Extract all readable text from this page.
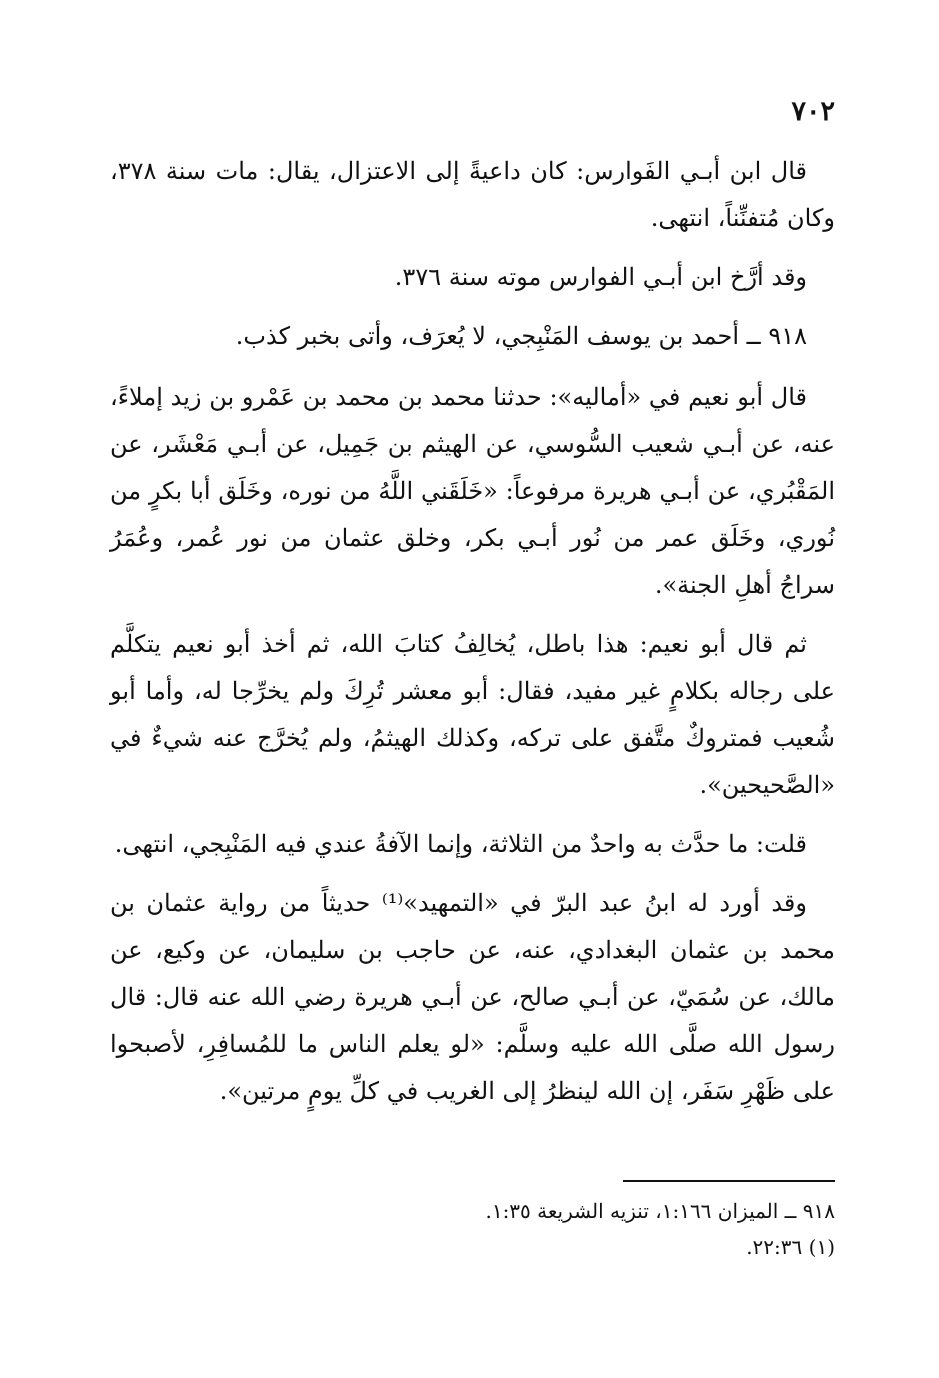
٧٠٢

قال ابن أبـي الفَوارس: كان داعيةً إلى الاعتزال، يقال: مات سنة ٣٧٨، وكان مُتفنِّناً، انتهى.

وقد أرَّخ ابن أبـي الفوارس موته سنة ٣٧٦.

٩١٨ ــ أحمد بن يوسف المَنْبِجي، لا يُعرَف، وأتى بخبر كذب.

قال أبو نعيم في «أماليه»: حدثنا محمد بن محمد بن عَمْرو بن زيد إملاءً، عنه، عن أبـي شعيب السُّوسي، عن الهيثم بن جَمِيل، عن أبـي مَعْشَر، عن المَقْبُري، عن أبـي هريرة مرفوعاً: «خَلَقَني اللَّهُ من نوره، وخَلَق أبا بكرٍ من نُوري، وخَلَق عمر من نُور أبـي بكر، وخلق عثمان من نور عُمر، وعُمَرُ سراجُ أهلِ الجنة».

ثم قال أبو نعيم: هذا باطل، يُخالِفُ كتابَ الله، ثم أخذ أبو نعيم يتكلَّم على رجاله بكلامٍ غير مفيد، فقال: أبو معشر تُرِكَ ولم يخرِّجا له، وأما أبو شُعيب فمتروكٌ متَّفق على تركه، وكذلك الهيثمُ، ولم يُخرَّج عنه شيءٌ في «الصَّحيحين».

قلت: ما حدَّث به واحدٌ من الثلاثة، وإنما الآفةُ عندي فيه المَنْبِجي، انتهى.

وقد أورد له ابنُ عبد البرّ في «التمهيد»⁽¹⁾ حديثاً من رواية عثمان بن محمد بن عثمان البغدادي، عنه، عن حاجب بن سليمان، عن وكيع، عن مالك، عن سُمَيّ، عن أبـي صالح، عن أبـي هريرة رضي الله عنه قال: قال رسول الله صلَّى الله عليه وسلَّم: «لو يعلم الناس ما للمُسافِرِ، لأصبحوا على ظَهْرِ سَفَر، إن الله لينظرُ إلى الغريب في كلِّ يومٍ مرتين».

٩١٨ ــ الميزان ١:١٦٦، تنزيه الشريعة ١:٣٥.

(١) ٢٢:٣٦.
